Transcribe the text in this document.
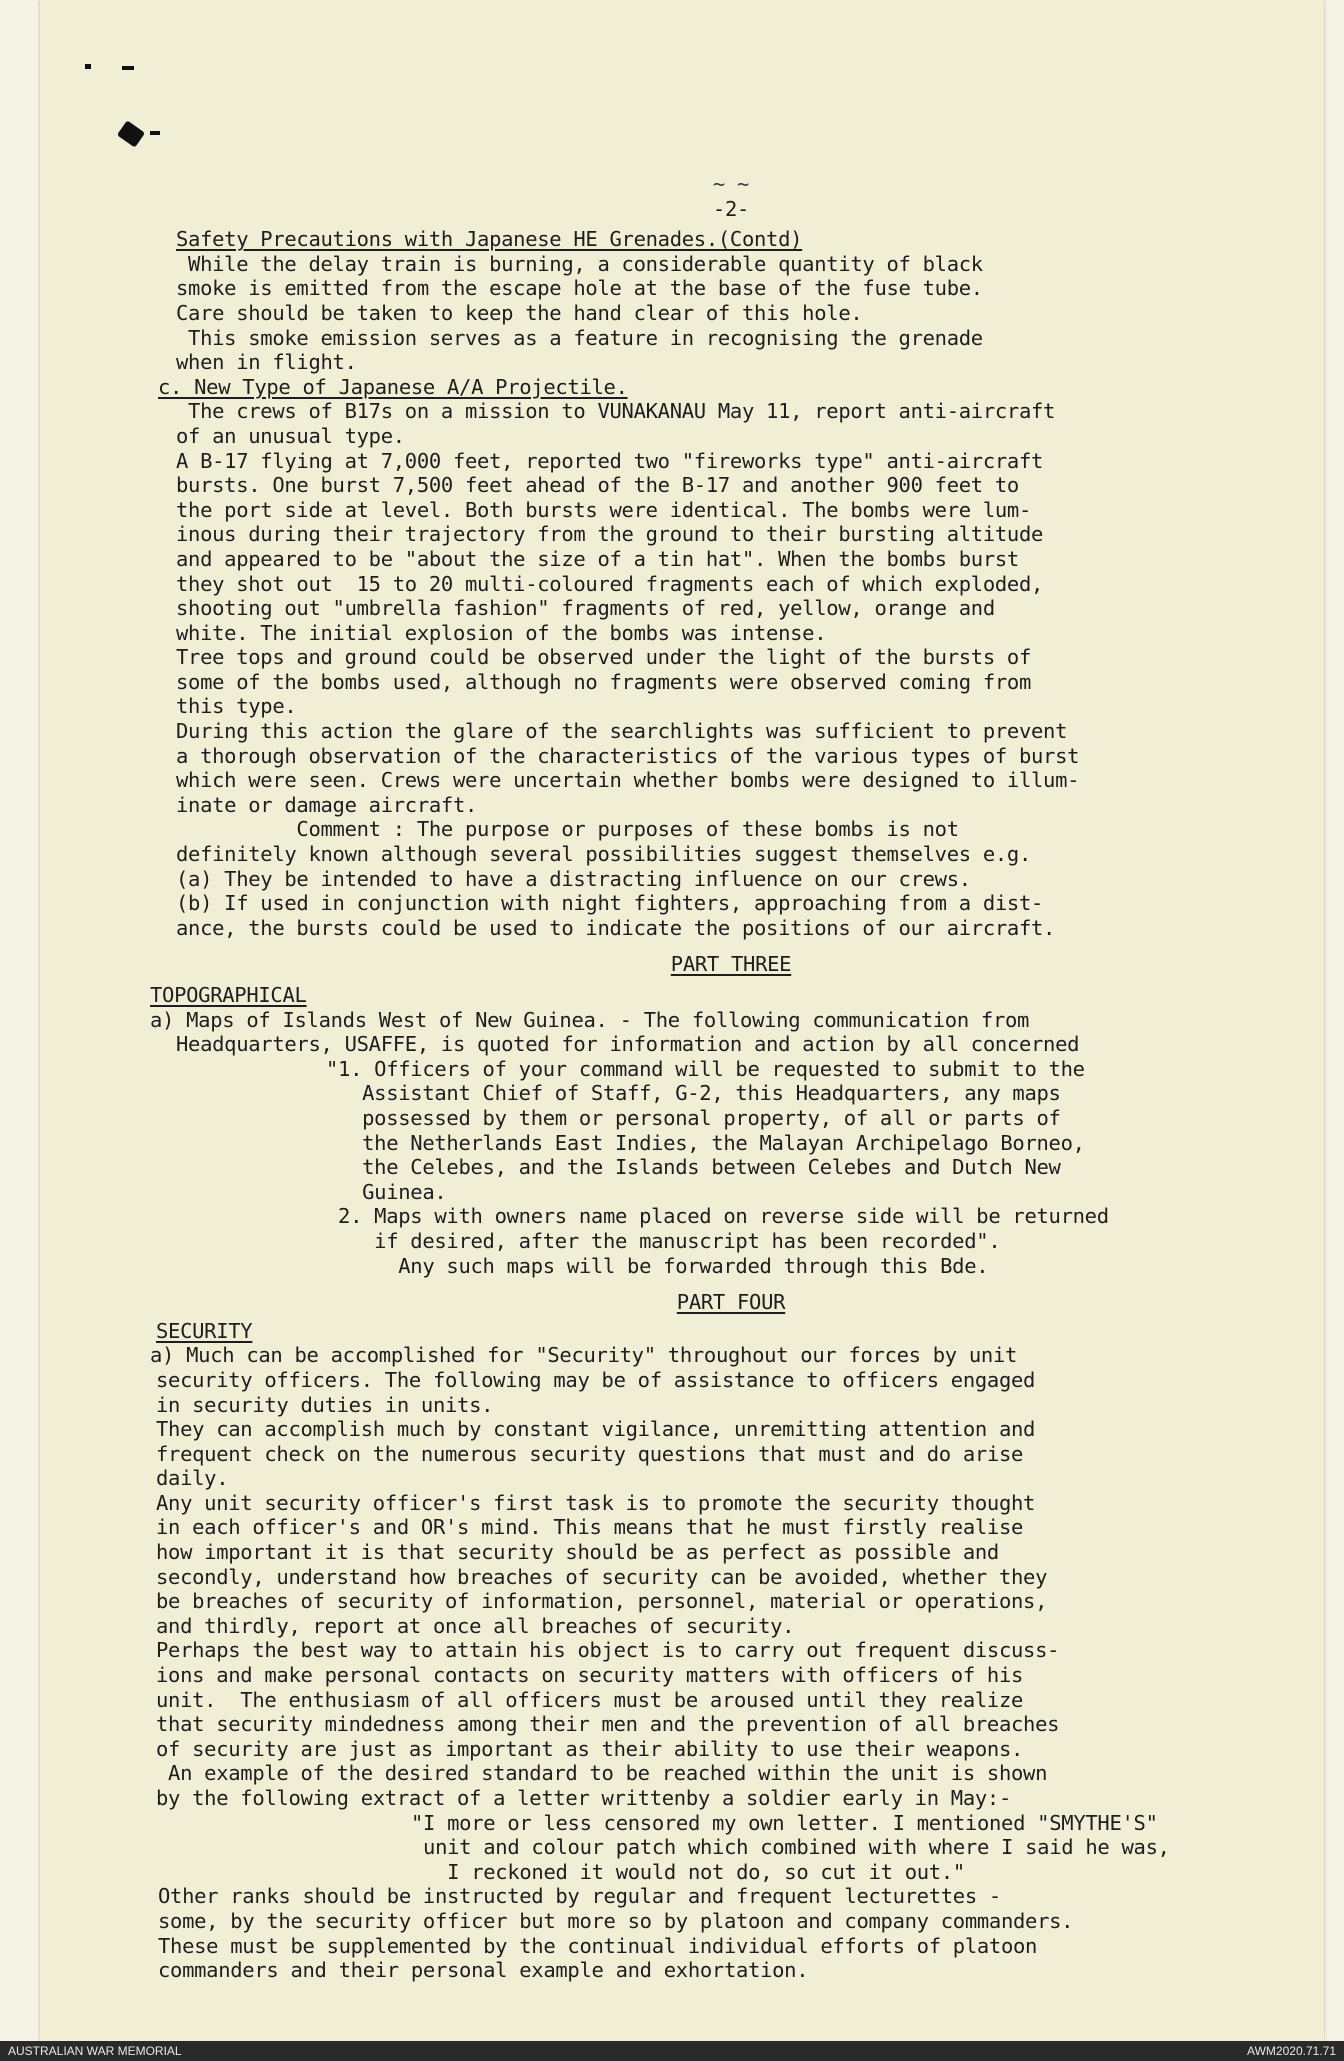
~ ~
-2-
Safety Precautions with Japanese HE Grenades.(Contd)
While the delay train is burning, a considerable quantity of black
smoke is emitted from the escape hole at the base of the fuse tube.
Care should be taken to keep the hand clear of this hole.
This smoke emission serves as a feature in recognising the grenade
when in flight.
c. New Type of Japanese A/A Projectile.
The crews of B17s on a mission to VUNAKANAU May 11, report anti-aircraft
of an unusual type.
A B-17 flying at 7,000 feet, reported two "fireworks type" anti-aircraft
bursts. One burst 7,500 feet ahead of the B-17 and another 900 feet to
the port side at level. Both bursts were identical. The bombs were lum-
inous during their trajectory from the ground to their bursting altitude
and appeared to be "about the size of a tin hat". When the bombs burst
they shot out  15 to 20 multi-coloured fragments each of which exploded,
shooting out "umbrella fashion" fragments of red, yellow, orange and
white. The initial explosion of the bombs was intense.
Tree tops and ground could be observed under the light of the bursts of
some of the bombs used, although no fragments were observed coming from
this type.
During this action the glare of the searchlights was sufficient to prevent
a thorough observation of the characteristics of the various types of burst
which were seen. Crews were uncertain whether bombs were designed to illum-
inate or damage aircraft.
Comment : The purpose or purposes of these bombs is not
definitely known although several possibilities suggest themselves e.g.
(a) They be intended to have a distracting influence on our crews.
(b) If used in conjunction with night fighters, approaching from a dist-
ance, the bursts could be used to indicate the positions of our aircraft.
PART THREE
TOPOGRAPHICAL
a) Maps of Islands West of New Guinea. - The following communication from
Headquarters, USAFFE, is quoted for information and action by all concerned
"1. Officers of your command will be requested to submit to the
Assistant Chief of Staff, G-2, this Headquarters, any maps
possessed by them or personal property, of all or parts of
the Netherlands East Indies, the Malayan Archipelago Borneo,
the Celebes, and the Islands between Celebes and Dutch New
Guinea.
2. Maps with owners name placed on reverse side will be returned
if desired, after the manuscript has been recorded".
Any such maps will be forwarded through this Bde.
PART FOUR
SECURITY
a) Much can be accomplished for "Security" throughout our forces by unit
security officers. The following may be of assistance to officers engaged
in security duties in units.
They can accomplish much by constant vigilance, unremitting attention and
frequent check on the numerous security questions that must and do arise
daily.
Any unit security officer's first task is to promote the security thought
in each officer's and OR's mind. This means that he must firstly realise
how important it is that security should be as perfect as possible and
secondly, understand how breaches of security can be avoided, whether they
be breaches of security of information, personnel, material or operations,
and thirdly, report at once all breaches of security.
Perhaps the best way to attain his object is to carry out frequent discuss-
ions and make personal contacts on security matters with officers of his
unit.  The enthusiasm of all officers must be aroused until they realize
that security mindedness among their men and the prevention of all breaches
of security are just as important as their ability to use their weapons.
An example of the desired standard to be reached within the unit is shown
by the following extract of a letter writtenby a soldier early in May:-
"I more or less censored my own letter. I mentioned "SMYTHE'S"
unit and colour patch which combined with where I said he was,
I reckoned it would not do, so cut it out."
Other ranks should be instructed by regular and frequent lecturettes -
some, by the security officer but more so by platoon and company commanders.
These must be supplemented by the continual individual efforts of platoon
commanders and their personal example and exhortation.
AUSTRALIAN WAR MEMORIAL	AWM2020.71.71
